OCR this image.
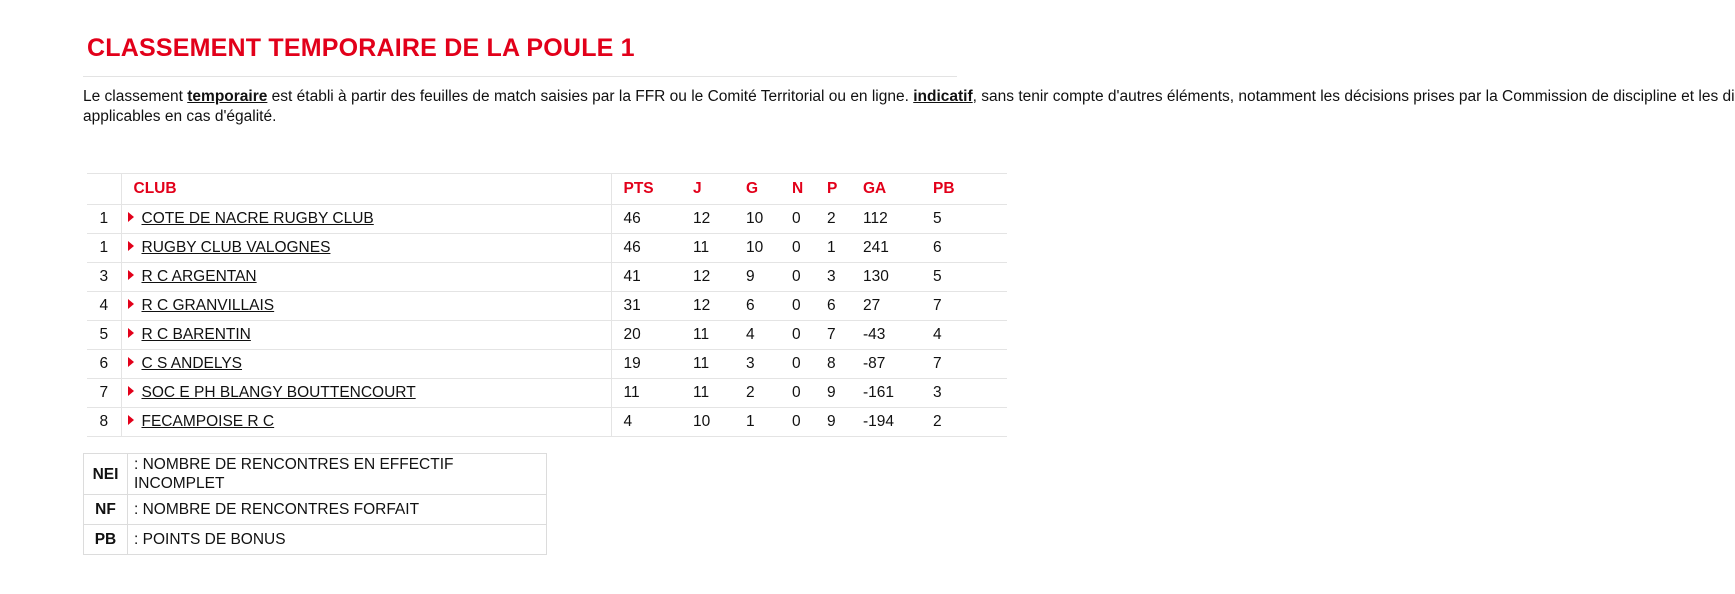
CLASSEMENT TEMPORAIRE DE LA POULE 1
Le classement temporaire est établi à partir des feuilles de match saisies par la FFR ou le Comité Territorial ou en ligne. indicatif, sans tenir compte d'autres éléments, notamment les décisions prises par la Commission de discipline et les di
applicables en cas d'égalité.
	CLUB	PTS	J	G	N	P	GA	PB
1	COTE DE NACRE RUGBY CLUB	46	12	10	0	2	112	5
1	RUGBY CLUB VALOGNES	46	11	10	0	1	241	6
3	R C ARGENTAN	41	12	9	0	3	130	5
4	R C GRANVILLAIS	31	12	6	0	6	27	7
5	R C BARENTIN	20	11	4	0	7	-43	4
6	C S ANDELYS	19	11	3	0	8	-87	7
7	SOC E PH BLANGY BOUTTENCOURT	11	11	2	0	9	-161	3
8	FECAMPOISE R C	4	10	1	0	9	-194	2
NEI	: NOMBRE DE RENCONTRES EN EFFECTIF INCOMPLET
NF	: NOMBRE DE RENCONTRES FORFAIT
PB	: POINTS DE BONUS
